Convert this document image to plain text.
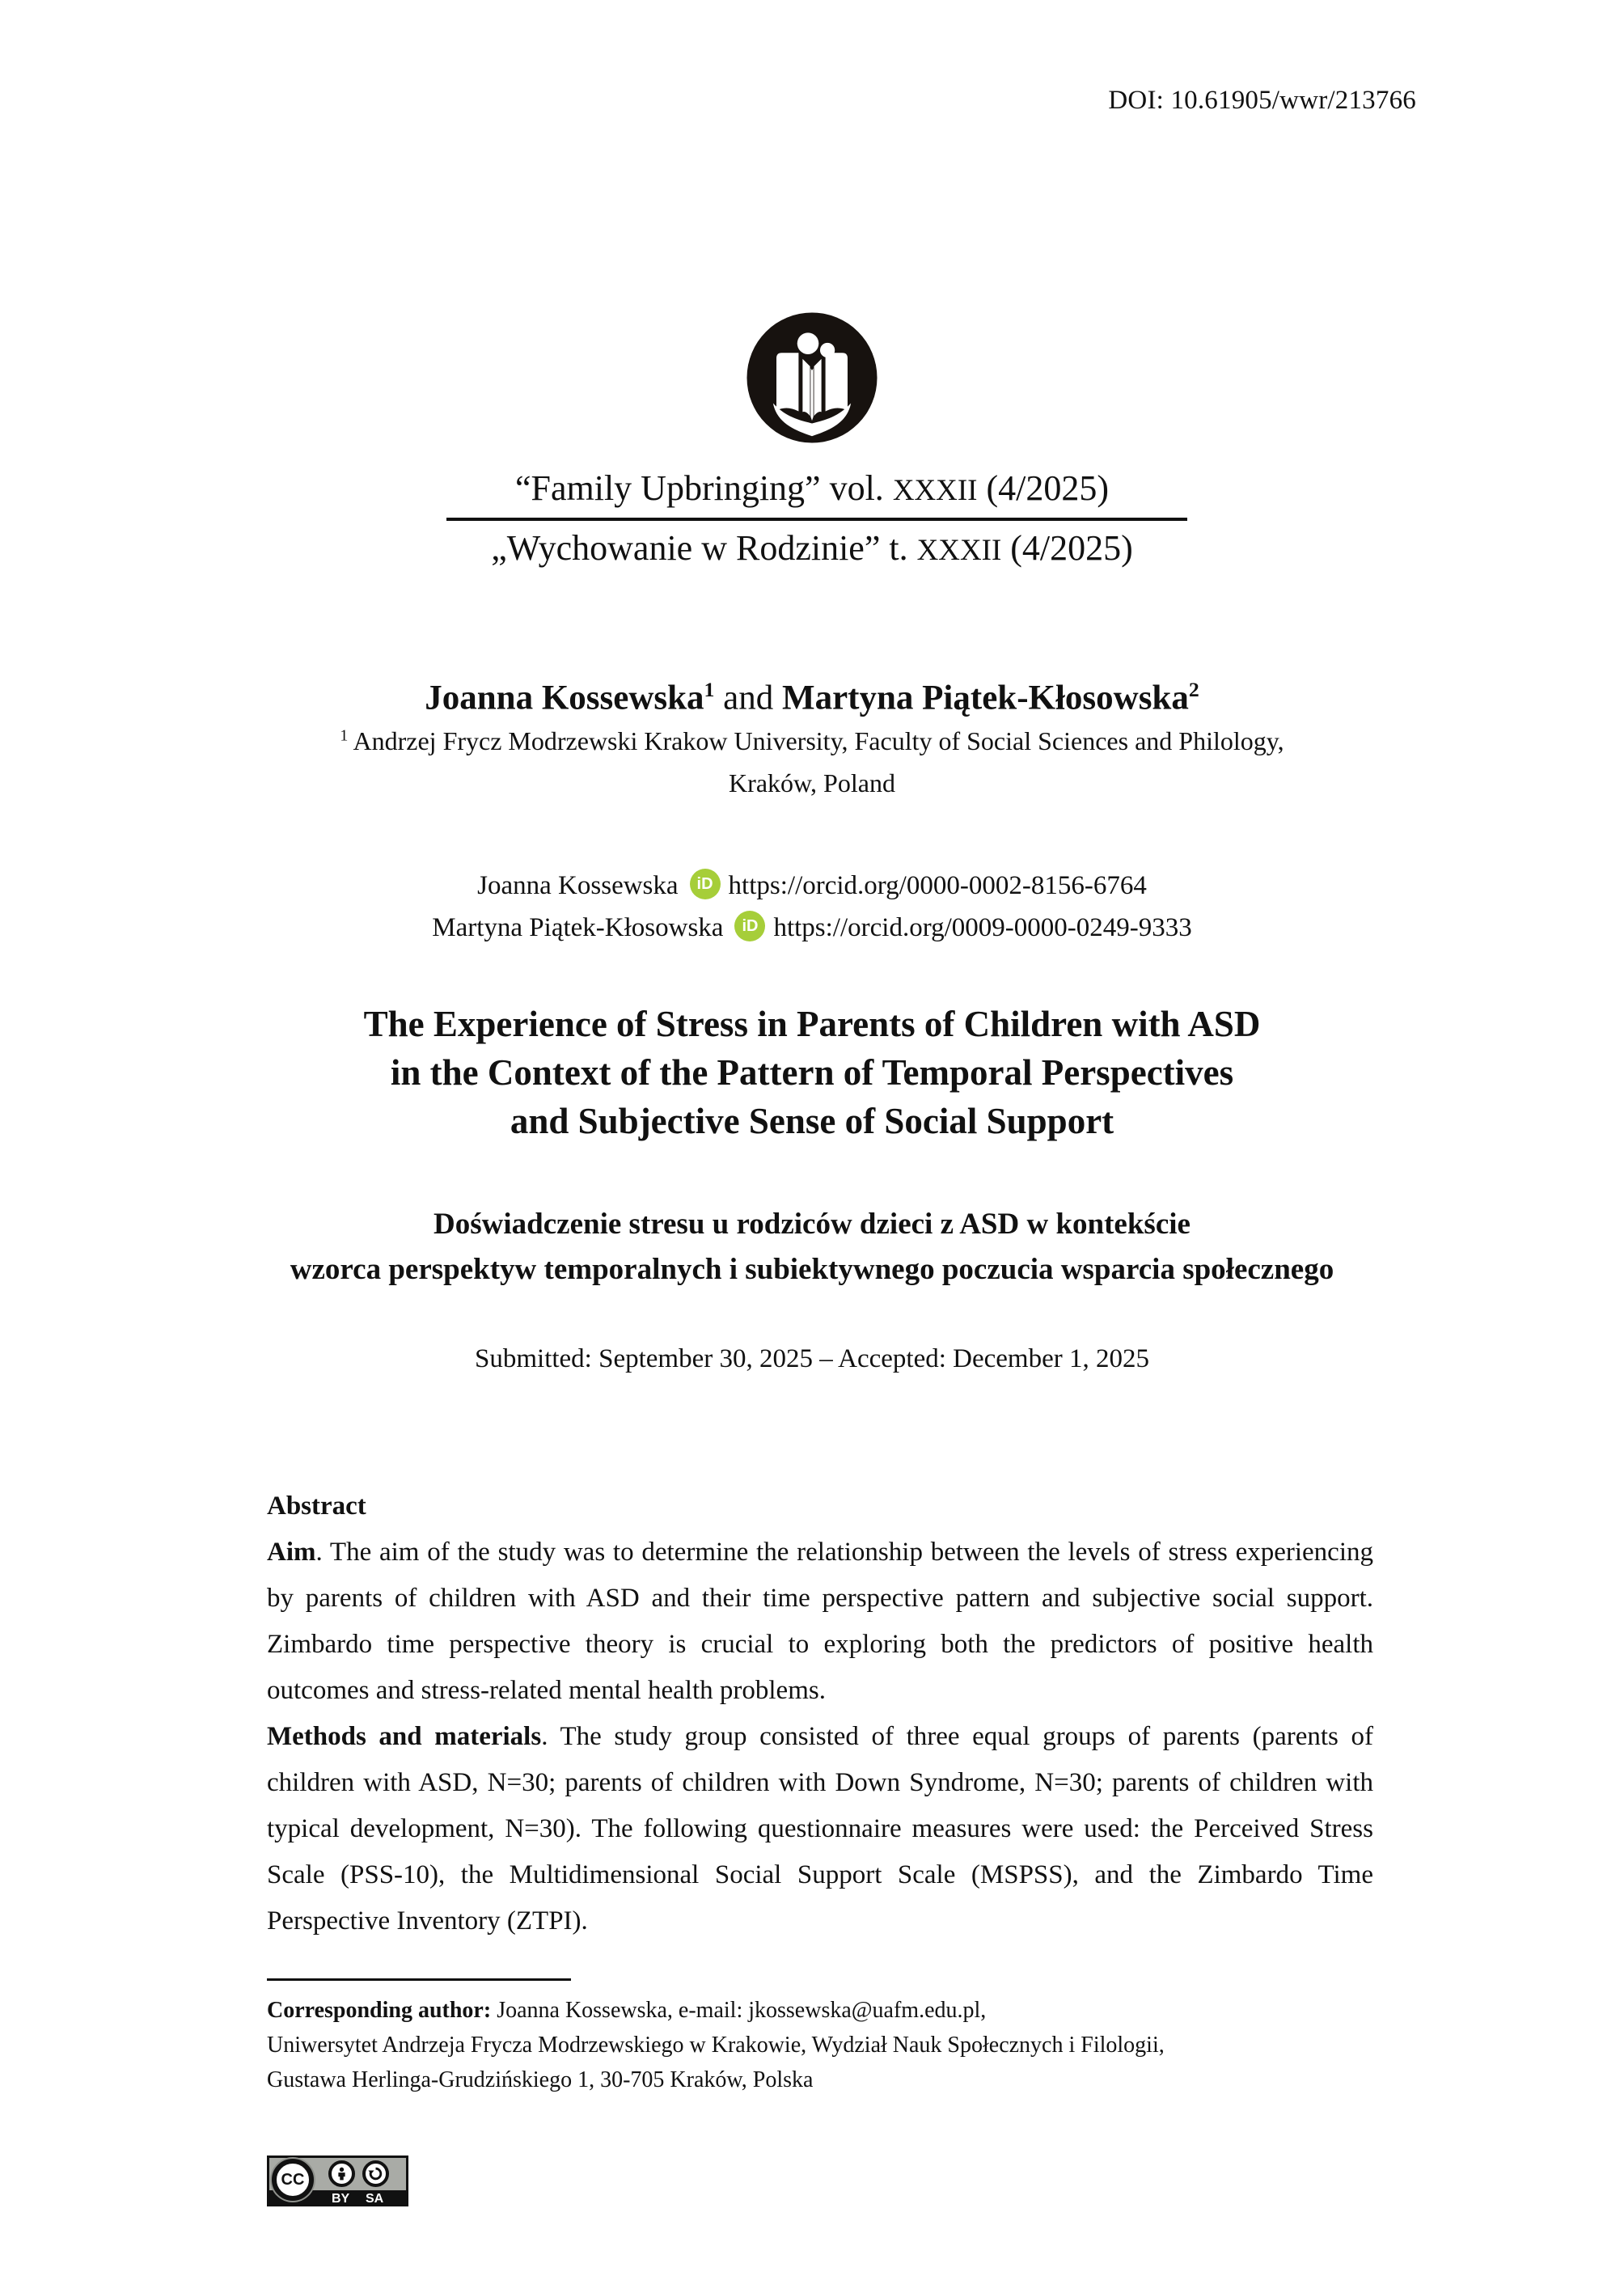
DOI: 10.61905/wwr/213766
“Family Upbringing” vol. XXXII (4/2025)
„Wychowanie w Rodzinie” t. XXXII (4/2025)
Joanna Kossewska$^1$ and Martyna Piątek-Kłosowska$^2$
$^1$ Andrzej Frycz Modrzewski Krakow University, Faculty of Social Sciences and Philology,
Kraków, Poland
Joanna Kossewska iD https://orcid.org/0000-0002-8156-6764
Martyna Piątek-Kłosowska iD https://orcid.org/0009-0000-0249-9333
The Experience of Stress in Parents of Children with ASD
in the Context of the Pattern of Temporal Perspectives
and Subjective Sense of Social Support
Doświadczenie stresu u rodziców dzieci z ASD w kontekście
wzorca perspektyw temporalnych i subiektywnego poczucia wsparcia społecznego
Submitted: September 30, 2025 – Accepted: December 1, 2025
Abstract

Aim. The aim of the study was to determine the relationship between the levels of stress experiencing by parents of children with ASD and their time perspective pattern and subjective social support. Zimbardo time perspective theory is crucial to exploring both the predictors of positive health outcomes and stress-related mental health problems.

Methods and materials. The study group consisted of three equal groups of parents (parents of children with ASD, N=30; parents of children with Down Syndrome, N=30; parents of children with typical development, N=30). The following questionnaire measures were used: the Perceived Stress Scale (PSS-10), the Multidimensional Social Support Scale (MSPSS), and the Zimbardo Time Perspective Inventory (ZTPI).

Corresponding author: Joanna Kossewska, e-mail: jkossewska@uafm.edu.pl,
Uniwersytet Andrzeja Frycza Modrzewskiego w Krakowie, Wydział Nauk Społecznych i Filologii,
Gustawa Herlinga-Grudzińskiego 1, 30-705 Kraków, Polska
CC
BY SA
